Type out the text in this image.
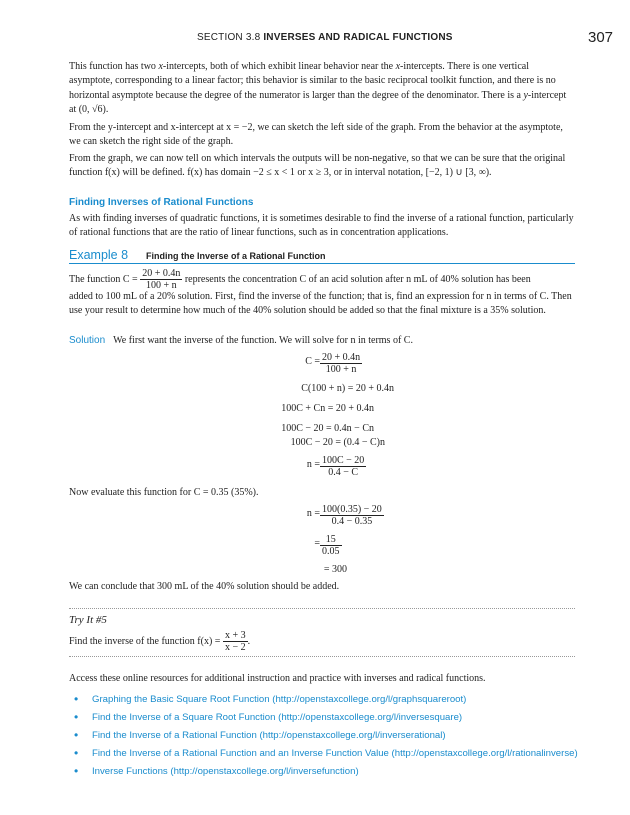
SECTION 3.8 INVERSES AND RADICAL FUNCTIONS	307
This function has two x-intercepts, both of which exhibit linear behavior near the x-intercepts. There is one vertical asymptote, corresponding to a linear factor; this behavior is similar to the basic reciprocal toolkit function, and there is no horizontal asymptote because the degree of the numerator is larger than the degree of the denominator. There is a y-intercept at (0, √6).
From the y-intercept and x-intercept at x = −2, we can sketch the left side of the graph. From the behavior at the asymptote, we can sketch the right side of the graph.
From the graph, we can now tell on which intervals the outputs will be non-negative, so that we can be sure that the original function f(x) will be defined. f(x) has domain −2 ≤ x < 1 or x ≥ 3, or in interval notation, [−2, 1) ∪ [3, ∞).
Finding Inverses of Rational Functions
As with finding inverses of quadratic functions, it is sometimes desirable to find the inverse of a rational function, particularly of rational functions that are the ratio of linear functions, such as in concentration applications.
Example 8 Finding the Inverse of a Rational Function
The function $C = \frac{20 + 0.4n}{100 + n}$ represents the concentration C of an acid solution after n mL of 40% solution has been
added to 100 mL of a 20% solution. First, find the inverse of the function; that is, find an expression for n in terms of C. Then use your result to determine how much of the 40% solution should be added so that the final mixture is a 35% solution.
Solution We first want the inverse of the function. We will solve for n in terms of C.
$C = \frac{20 + 0.4n}{100 + n}$
C(100 + n) = 20 + 0.4n
100C + Cn = 20 + 0.4n
100C − 20 = 0.4n − Cn
100C − 20 = (0.4 − C)n
$n = \frac{100C - 20}{0.4 - C}$
Now evaluate this function for C = 0.35 (35%).
$n = \frac{100(0.35) - 20}{0.4 - 0.35}$
= $\frac{15}{0.05}$
= 300
We can conclude that 300 mL of the 40% solution should be added.
Try It #5
Find the inverse of the function $f(x) = \frac{x + 3}{x - 2}$ .
Access these online resources for additional instruction and practice with inverses and radical functions.
• Graphing the Basic Square Root Function (http://openstaxcollege.org/l/graphsquareroot)
• Find the Inverse of a Square Root Function (http://openstaxcollege.org/l/inversesquare)
• Find the Inverse of a Rational Function (http://openstaxcollege.org/l/inverserational)
• Find the Inverse of a Rational Function and an Inverse Function Value (http://openstaxcollege.org/l/rationalinverse)
• Inverse Functions (http://openstaxcollege.org/l/inversefunction)
